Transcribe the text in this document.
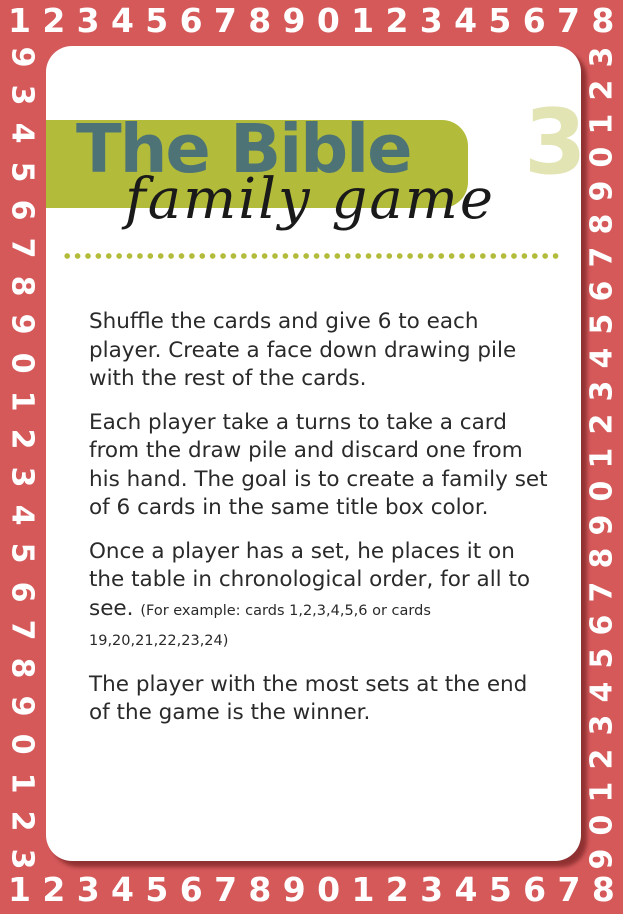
1 2 3 4 5 6 7 8 9 0 1 2 3 4 5 6 7 8
1 2 3 4 5 6 7 8 9 0 1 2 3 4 5 6 7 8
9
3
4
5
6
7
8
9
0
1
2
3
4
5
6
7
8
9
0
1
2
3
3
2
1
0
9
8
7
6
5
4
3
2
1
0
9
8
7
6
5
4
3
2
1
0
9
The Bible 3
family game

Shuffle the cards and give 6 to each player. Create a face down drawing pile with the rest of the cards.

Each player take a turns to take a card from the draw pile and discard one from his hand. The goal is to create a family set of 6 cards in the same title box color.

Once a player has a set, he places it on the table in chronological order, for all to see. (For example: cards 1,2,3,4,5,6 or cards 19,20,21,22,23,24)

The player with the most sets at the end of the game is the winner.
